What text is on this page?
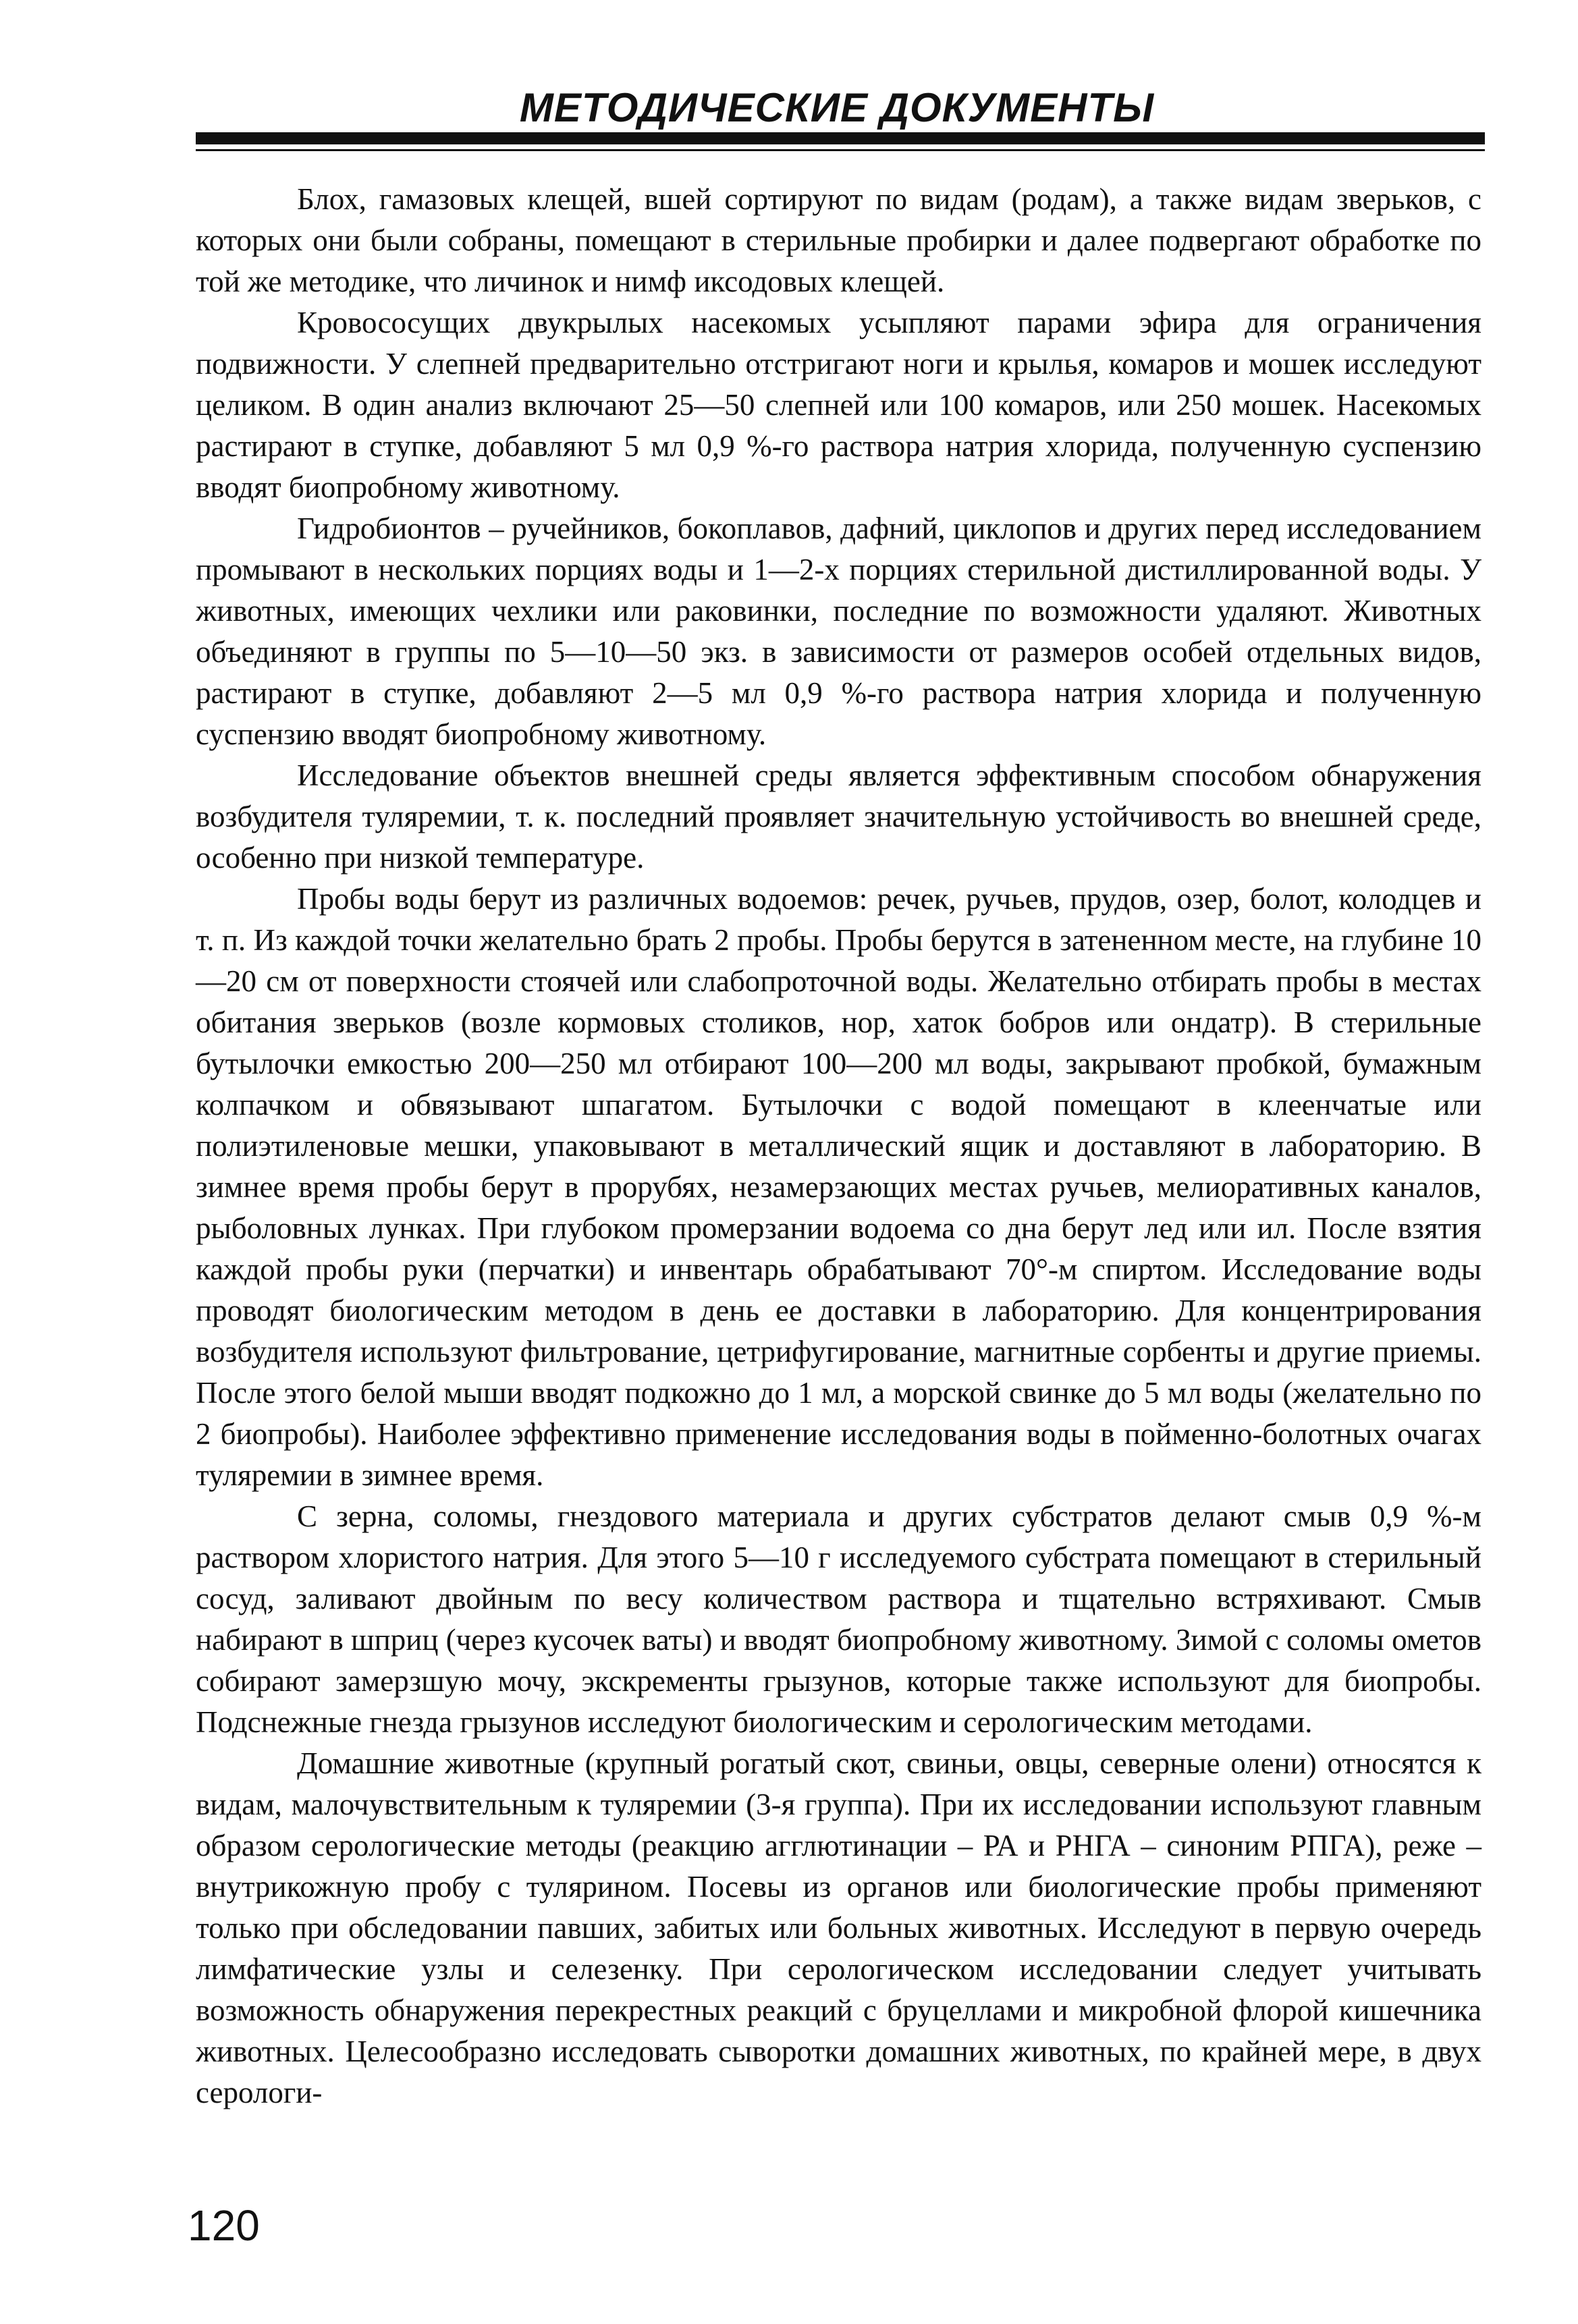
МЕТОДИЧЕСКИЕ ДОКУМЕНТЫ

Блох, гамазовых клещей, вшей сортируют по видам (родам), а также видам зверьков, с которых они были собраны, помещают в стерильные пробирки и далее подвергают обработке по той же методике, что личинок и нимф иксодовых клещей.

Кровососущих двукрылых насекомых усыпляют парами эфира для ограничения подвижности. У слепней предварительно отстригают ноги и крылья, комаров и мошек исследуют целиком. В один анализ включают 25—50 слепней или 100 комаров, или 250 мошек. Насекомых растирают в ступке, добавляют 5 мл 0,9 %-го раствора натрия хлорида, полученную суспензию вводят биопробному животному.

Гидробионтов – ручейников, бокоплавов, дафний, циклопов и других перед исследованием промывают в нескольких порциях воды и 1—2-х порциях стерильной дистиллированной воды. У животных, имеющих чехлики или раковинки, последние по возможности удаляют. Животных объединяют в группы по 5—10—50 экз. в зависимости от размеров особей отдельных видов, растирают в ступке, добавляют 2—5 мл 0,9 %-го раствора натрия хлорида и полученную суспензию вводят биопробному животному.

Исследование объектов внешней среды является эффективным способом обнаружения возбудителя туляремии, т. к. последний проявляет значительную устойчивость во внешней среде, особенно при низкой температуре.

Пробы воды берут из различных водоемов: речек, ручьев, прудов, озер, болот, колодцев и т. п. Из каждой точки желательно брать 2 пробы. Пробы берутся в затененном месте, на глубине 10—20 см от поверхности стоячей или слабопроточной воды. Желательно отбирать пробы в местах обитания зверьков (возле кормовых столиков, нор, хаток бобров или ондатр). В стерильные бутылочки емкостью 200—250 мл отбирают 100—200 мл воды, закрывают пробкой, бумажным колпачком и обвязывают шпагатом. Бутылочки с водой помещают в клеенчатые или полиэтиленовые мешки, упаковывают в металлический ящик и доставляют в лабораторию. В зимнее время пробы берут в прорубях, незамерзающих местах ручьев, мелиоративных каналов, рыболовных лунках. При глубоком промерзании водоема со дна берут лед или ил. После взятия каждой пробы руки (перчатки) и инвентарь обрабатывают 70°-м спиртом. Исследование воды проводят биологическим методом в день ее доставки в лабораторию. Для концентрирования возбудителя используют фильтрование, цетрифугирование, магнитные сорбенты и другие приемы. После этого белой мыши вводят подкожно до 1 мл, а морской свинке до 5 мл воды (желательно по 2 биопробы). Наиболее эффективно применение исследования воды в пойменно-болотных очагах туляремии в зимнее время.

С зерна, соломы, гнездового материала и других субстратов делают смыв 0,9 %-м раствором хлористого натрия. Для этого 5—10 г исследуемого субстрата помещают в стерильный сосуд, заливают двойным по весу количеством раствора и тщательно встряхивают. Смыв набирают в шприц (через кусочек ваты) и вводят биопробному животному. Зимой с соломы ометов собирают замерзшую мочу, экскременты грызунов, которые также используют для биопробы. Подснежные гнезда грызунов исследуют биологическим и серологическим методами.

Домашние животные (крупный рогатый скот, свиньи, овцы, северные олени) относятся к видам, малочувствительным к туляремии (3-я группа). При их исследовании используют главным образом серологические методы (реакцию агглютинации – РА и РНГА – синоним РПГА), реже – внутрикожную пробу с тулярином. Посевы из органов или биологические пробы применяют только при обследовании павших, забитых или больных животных. Исследуют в первую очередь лимфатические узлы и селезенку. При серологическом исследовании следует учитывать возможность обнаружения перекрестных реакций с бруцеллами и микробной флорой кишечника животных. Целесообразно исследовать сыворотки домашних животных, по крайней мере, в двух серологи-

120
